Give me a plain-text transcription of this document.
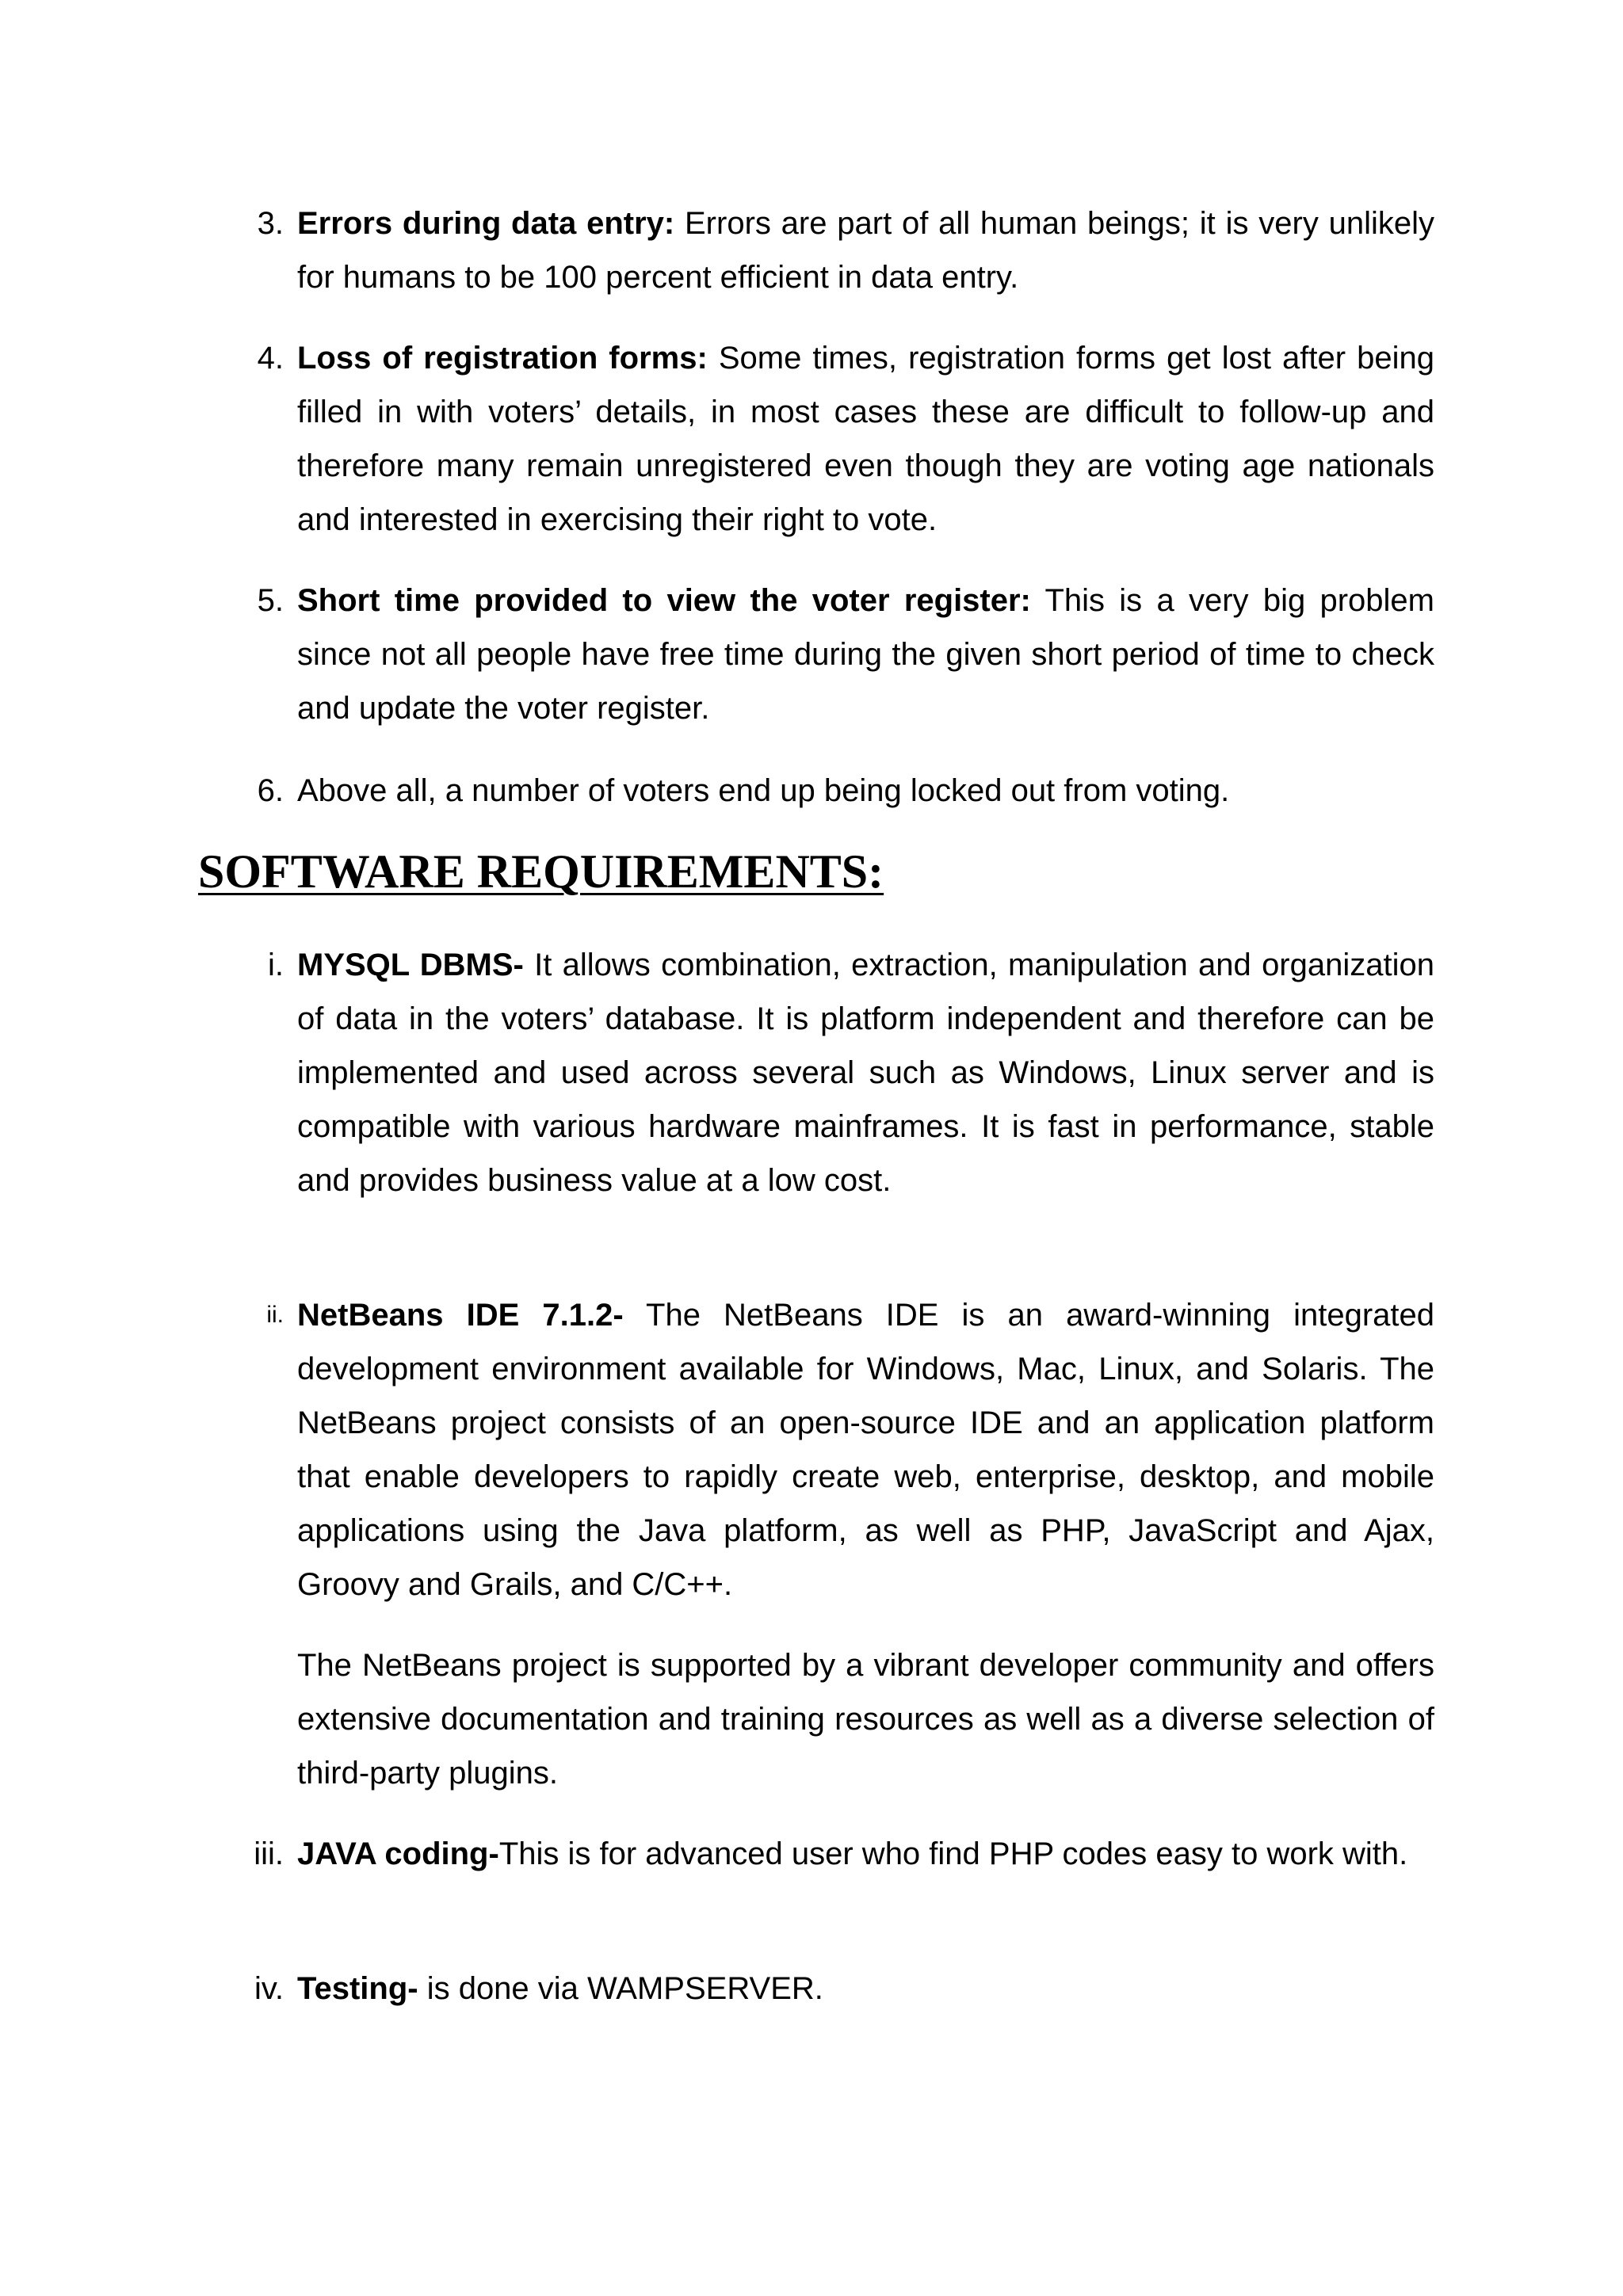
3. Errors during data entry: Errors are part of all human beings; it is very unlikely for humans to be 100 percent efficient in data entry.
4. Loss of registration forms: Some times, registration forms get lost after being filled in with voters’ details, in most cases these are difficult to follow-up and therefore many remain unregistered even though they are voting age nationals and interested in exercising their right to vote.
5. Short time provided to view the voter register: This is a very big problem since not all people have free time during the given short period of time to check and update the voter register.
6. Above all, a number of voters end up being locked out from voting.
SOFTWARE REQUIREMENTS:
i. MYSQL DBMS- It allows combination, extraction, manipulation and organization of data in the voters’ database. It is platform independent and therefore can be implemented and used across several such as Windows, Linux server and is compatible with various hardware mainframes. It is fast in performance, stable and provides business value at a low cost.
ii. NetBeans IDE 7.1.2- The NetBeans IDE is an award-winning integrated development environment available for Windows, Mac, Linux, and Solaris. The NetBeans project consists of an open-source IDE and an application platform that enable developers to rapidly create web, enterprise, desktop, and mobile applications using the Java platform, as well as PHP, JavaScript and Ajax, Groovy and Grails, and C/C++.

The NetBeans project is supported by a vibrant developer community and offers extensive documentation and training resources as well as a diverse selection of third-party plugins.

iii. JAVA coding-This is for advanced user who find PHP codes easy to work with.
iv. Testing- is done via WAMPSERVER.
